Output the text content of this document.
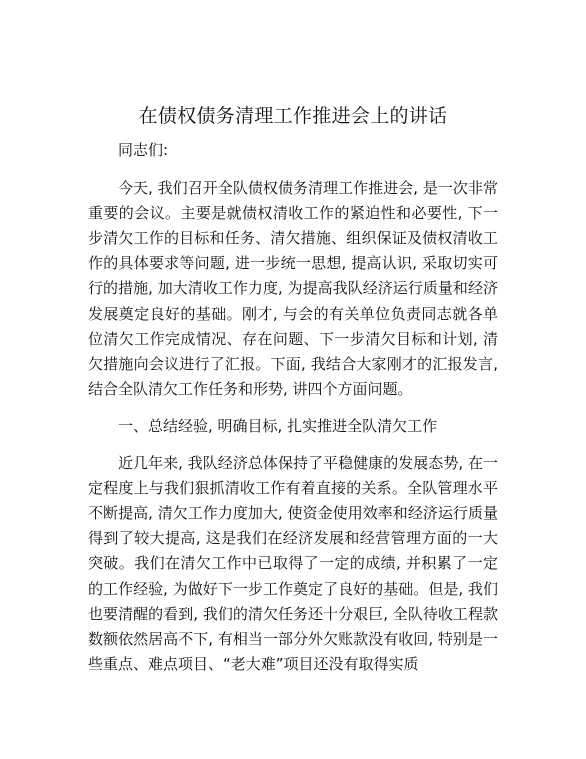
在债权债务清理工作推进会上的讲话

同志们:

今天, 我们召开全队债权债务清理工作推进会, 是一次非常重要的会议。主要是就债权清收工作的紧迫性和必要性, 下一步清欠工作的目标和任务、清欠措施、组织保证及债权清收工作的具体要求等问题, 进一步统一思想, 提高认识, 采取切实可行的措施, 加大清收工作力度, 为提高我队经济运行质量和经济发展奠定良好的基础。刚才, 与会的有关单位负责同志就各单位清欠工作完成情况、存在问题、下一步清欠目标和计划, 清欠措施向会议进行了汇报。下面, 我结合大家刚才的汇报发言, 结合全队清欠工作任务和形势, 讲四个方面问题。

一、总结经验, 明确目标, 扎实推进全队清欠工作

近几年来, 我队经济总体保持了平稳健康的发展态势, 在一定程度上与我们狠抓清收工作有着直接的关系。全队管理水平不断提高, 清欠工作力度加大, 使资金使用效率和经济运行质量得到了较大提高, 这是我们在经济发展和经营管理方面的一大突破。我们在清欠工作中已取得了一定的成绩, 并积累了一定的工作经验, 为做好下一步工作奠定了良好的基础。但是, 我们也要清醒的看到, 我们的清欠任务还十分艰巨, 全队待收工程款数额依然居高不下, 有相当一部分外欠账款没有收回, 特别是一些重点、难点项目、“老大难”项目还没有取得实质
